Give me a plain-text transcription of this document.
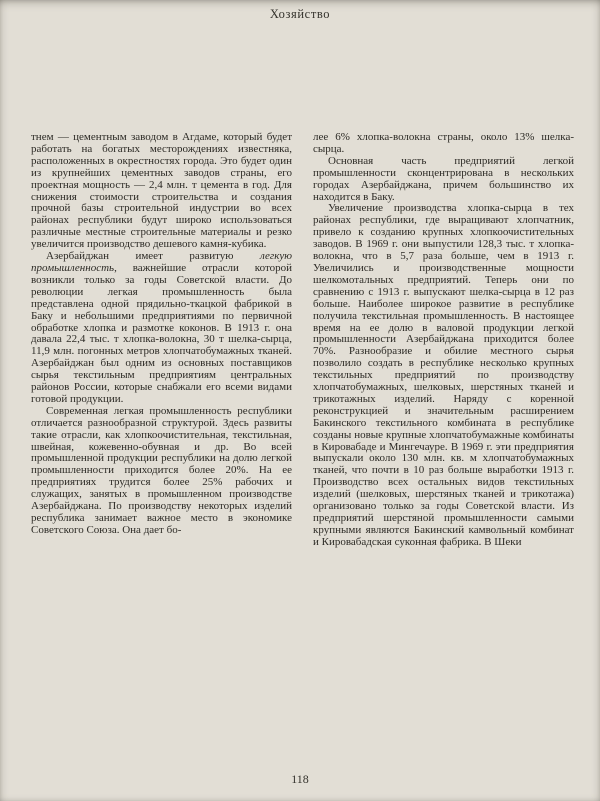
Хозяйство

тнем — цементным заводом в Агдаме, который будет работать на богатых месторождениях известняка, расположенных в окрестностях города. Это будет один из крупнейших цементных заводов страны, его проектная мощность — 2,4 млн. т цемента в год. Для снижения стоимости строительства и создания прочной базы строительной индустрии во всех районах республики будут широко использоваться различные местные строительные материалы и резко увеличится производство дешевого камня-кубика.

Азербайджан имеет развитую легкую промышленность, важнейшие отрасли которой возникли только за годы Советской власти. До революции легкая промышленность была представлена одной прядильно-ткацкой фабрикой в Баку и небольшими предприятиями по первичной обработке хлопка и размотке коконов. В 1913 г. она давала 22,4 тыс. т хлопка-волокна, 30 т шелка-сырца, 11,9 млн. погонных метров хлопчатобумажных тканей. Азербайджан был одним из основных поставщиков сырья текстильным предприятиям центральных районов России, которые снабжали его всеми видами готовой продукции.

Современная легкая промышленность республики отличается разнообразной структурой. Здесь развиты такие отрасли, как хлопкоочистительная, текстильная, швейная, кожевенно-обувная и др. Во всей промышленной продукции республики на долю легкой промышленности приходится более 20%. На ее предприятиях трудится более 25% рабочих и служащих, занятых в промышленном производстве Азербайджана. По производству некоторых изделий республика занимает важное место в экономике Советского Союза. Она дает бо-

лее 6% хлопка-волокна страны, около 13% шелка-сырца.

Основная часть предприятий легкой промышленности сконцентрирована в нескольких городах Азербайджана, причем большинство их находится в Баку.

Увеличение производства хлопка-сырца в тех районах республики, где выращивают хлопчатник, привело к созданию крупных хлопкоочистительных заводов. В 1969 г. они выпустили 128,3 тыс. т хлопка-волокна, что в 5,7 раза больше, чем в 1913 г. Увеличились и производственные мощности шелкомотальных предприятий. Теперь они по сравнению с 1913 г. выпускают шелка-сырца в 12 раз больше. Наиболее широкое развитие в республике получила текстильная промышленность. В настоящее время на ее долю в валовой продукции легкой промышленности Азербайджана приходится более 70%. Разнообразие и обилие местного сырья позволило создать в республике несколько крупных текстильных предприятий по производству хлопчатобумажных, шелковых, шерстяных тканей и трикотажных изделий. Наряду с коренной реконструкцией и значительным расширением Бакинского текстильного комбината в республике созданы новые крупные хлопчатобумажные комбинаты в Кировабаде и Мингечауре. В 1969 г. эти предприятия выпускали около 130 млн. кв. м хлопчатобумажных тканей, что почти в 10 раз больше выработки 1913 г. Производство всех остальных видов текстильных изделий (шелковых, шерстяных тканей и трикотажа) организовано только за годы Советской власти. Из предприятий шерстяной промышленности самыми крупными являются Бакинский камвольный комбинат и Кировабадская суконная фабрика. В Шеки

118
